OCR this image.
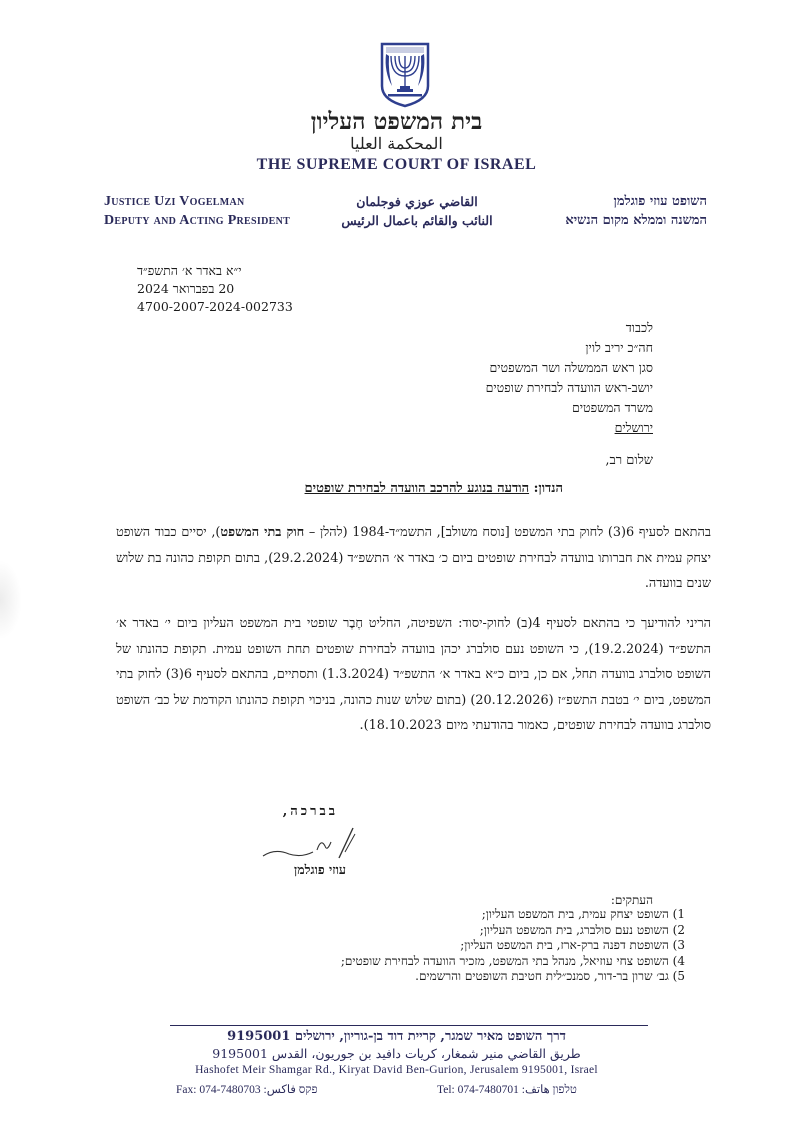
בית המשפט העליון
المحكمة العليا
THE SUPREME COURT OF ISRAEL
Justice Uzi Vogelman
Deputy and Acting President
القاضي عوزي فوجلمان
النائب والقائم باعمال الرئيس
השופט עוזי פוגלמן
המשנה וממלא מקום הנשיא
י״א באדר א׳ התשפ״ד
20 בפברואר 2024
4700-2007-2024-002733
לכבוד
חה״כ יריב לוין
סגן ראש הממשלה ושר המשפטים
יושב-ראש הוועדה לבחירת שופטים
משרד המשפטים
ירושלים
שלום רב,
הנדון: הודעה בנוגע להרכב הוועדה לבחירת שופטים
בהתאם לסעיף 6(3) לחוק בתי המשפט [נוסח משולב], התשמ״ד-1984 (להלן – חוק בתי המשפט), יסיים כבוד השופט יצחק עמית את חברותו בוועדה לבחירת שופטים ביום כ׳ באדר א׳ התשפ״ד (29.2.2024), בתום תקופת כהונה בת שלוש שנים בוועדה.
הריני להודיעך כי בהתאם לסעיף 4(ב) לחוק-יסוד: השפיטה, החליט חֶבֶר שופטי בית המשפט העליון ביום י׳ באדר א׳ התשפ״ד (19.2.2024), כי השופט נעם סולברג יכהן בוועדה לבחירת שופטים תחת השופט עמית. תקופת כהונתו של השופט סולברג בוועדה תחל, אם כן, ביום כ״א באדר א׳ התשפ״ד (1.3.2024) ותסתיים, בהתאם לסעיף 6(3) לחוק בתי המשפט, ביום י׳ בטבת התשפ״ז (20.12.2026) (בתום שלוש שנות כהונה, בניכוי תקופת כהונתו הקודמת של כב׳ השופט סולברג בוועדה לבחירת שופטים, כאמור בהודעתי מיום 18.10.2023).
בברכה,
עוזי פוגלמן
העתקים:
1) השופט יצחק עמית, בית המשפט העליון;
2) השופט נעם סולברג, בית המשפט העליון;
3) השופטת דפנה ברק-ארז, בית המשפט העליון;
4) השופט צחי עוזיאל, מנהל בתי המשפט, מזכיר הוועדה לבחירת שופטים;
5) גב׳ שרון בר-דור, סמנכ״לית חטיבת השופטים והרשמים.
דרך השופט מאיר שמגר, קריית דוד בן-גוריון, ירושלים 9195001
طريق القاضي منير شمغار، كريات دافيد بن جوريون، القدس 9195001
Hashofet Meir Shamgar Rd., Kiryat David Ben-Gurion, Jerusalem 9195001, Israel
Fax: 074-7480703 :פקס فاكس	Tel: 074-7480701 :טלפון هاتف
